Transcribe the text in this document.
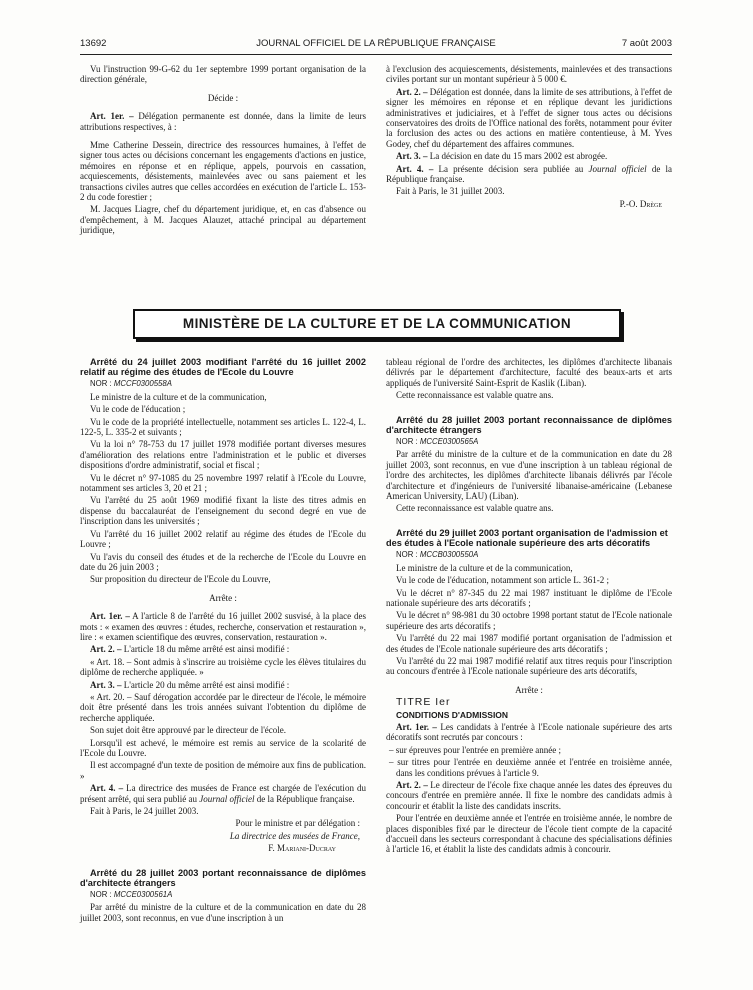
13692	JOURNAL OFFICIEL DE LA RÉPUBLIQUE FRANÇAISE	7 août 2003

Vu l'instruction 99-G-62 du 1er septembre 1999 portant organisation de la direction générale,

Décide :

Art. 1er. – Délégation permanente est donnée, dans la limite de leurs attributions respectives, à :

Mme Catherine Dessein, directrice des ressources humaines, à l'effet de signer tous actes ou décisions concernant les engagements d'actions en justice, mémoires en réponse et en réplique, appels, pourvois en cassation, acquiescements, désistements, mainlevées avec ou sans paiement et les transactions civiles autres que celles accordées en exécution de l'article L. 153-2 du code forestier ;

M. Jacques Liagre, chef du département juridique, et, en cas d'absence ou d'empêchement, à M. Jacques Alauzet, attaché principal au département juridique,

à l'exclusion des acquiescements, désistements, mainlevées et des transactions civiles portant sur un montant supérieur à 5 000 €.

Art. 2. – Délégation est donnée, dans la limite de ses attributions, à l'effet de signer les mémoires en réponse et en réplique devant les juridictions administratives et judiciaires, et à l'effet de signer tous actes ou décisions conservatoires des droits de l'Office national des forêts, notamment pour éviter la forclusion des actes ou des actions en matière contentieuse, à M. Yves Godey, chef du département des affaires communes.

Art. 3. – La décision en date du 15 mars 2002 est abrogée.

Art. 4. – La présente décision sera publiée au Journal officiel de la République française.

Fait à Paris, le 31 juillet 2003.

P.-O. Drège

MINISTÈRE DE LA CULTURE ET DE LA COMMUNICATION

Arrêté du 24 juillet 2003 modifiant l'arrêté du 16 juillet 2002 relatif au régime des études de l'Ecole du Louvre

NOR : MCCF0300558A

Le ministre de la culture et de la communication,

Vu le code de l'éducation ;

Vu le code de la propriété intellectuelle, notamment ses articles L. 122-4, L. 122-5, L. 335-2 et suivants ;

Vu la loi n° 78-753 du 17 juillet 1978 modifiée portant diverses mesures d'amélioration des relations entre l'administration et le public et diverses dispositions d'ordre administratif, social et fiscal ;

Vu le décret n° 97-1085 du 25 novembre 1997 relatif à l'Ecole du Louvre, notamment ses articles 3, 20 et 21 ;

Vu l'arrêté du 25 août 1969 modifié fixant la liste des titres admis en dispense du baccalauréat de l'enseignement du second degré en vue de l'inscription dans les universités ;

Vu l'arrêté du 16 juillet 2002 relatif au régime des études de l'Ecole du Louvre ;

Vu l'avis du conseil des études et de la recherche de l'Ecole du Louvre en date du 26 juin 2003 ;

Sur proposition du directeur de l'Ecole du Louvre,

Arrête :

Art. 1er. – A l'article 8 de l'arrêté du 16 juillet 2002 susvisé, à la place des mots : « examen des œuvres : études, recherche, conservation et restauration », lire : « examen scientifique des œuvres, conservation, restauration ».

Art. 2. – L'article 18 du même arrêté est ainsi modifié :

« Art. 18. – Sont admis à s'inscrire au troisième cycle les élèves titulaires du diplôme de recherche appliquée. »

Art. 3. – L'article 20 du même arrêté est ainsi modifié :

« Art. 20. – Sauf dérogation accordée par le directeur de l'école, le mémoire doit être présenté dans les trois années suivant l'obtention du diplôme de recherche appliquée.

Son sujet doit être approuvé par le directeur de l'école.

Lorsqu'il est achevé, le mémoire est remis au service de la scolarité de l'Ecole du Louvre.

Il est accompagné d'un texte de position de mémoire aux fins de publication. »

Art. 4. – La directrice des musées de France est chargée de l'exécution du présent arrêté, qui sera publié au Journal officiel de la République française.

Fait à Paris, le 24 juillet 2003.

Pour le ministre et par délégation :

La directrice des musées de France,

F. Mariani-Ducray

Arrêté du 28 juillet 2003 portant reconnaissance de diplômes d'architecte étrangers

NOR : MCCE0300561A

Par arrêté du ministre de la culture et de la communication en date du 28 juillet 2003, sont reconnus, en vue d'une inscription à un

tableau régional de l'ordre des architectes, les diplômes d'architecte libanais délivrés par le département d'architecture, faculté des beaux-arts et arts appliqués de l'université Saint-Esprit de Kaslik (Liban).

Cette reconnaissance est valable quatre ans.

Arrêté du 28 juillet 2003 portant reconnaissance de diplômes d'architecte étrangers

NOR : MCCE0300565A

Par arrêté du ministre de la culture et de la communication en date du 28 juillet 2003, sont reconnus, en vue d'une inscription à un tableau régional de l'ordre des architectes, les diplômes d'architecte libanais délivrés par l'école d'architecture et d'ingénieurs de l'université libanaise-américaine (Lebanese American University, LAU) (Liban).

Cette reconnaissance est valable quatre ans.

Arrêté du 29 juillet 2003 portant organisation de l'admission et des études à l'Ecole nationale supérieure des arts décoratifs

NOR : MCCB0300550A

Le ministre de la culture et de la communication,

Vu le code de l'éducation, notamment son article L. 361-2 ;

Vu le décret n° 87-345 du 22 mai 1987 instituant le diplôme de l'Ecole nationale supérieure des arts décoratifs ;

Vu le décret n° 98-981 du 30 octobre 1998 portant statut de l'Ecole nationale supérieure des arts décoratifs ;

Vu l'arrêté du 22 mai 1987 modifié portant organisation de l'admission et des études de l'Ecole nationale supérieure des arts décoratifs ;

Vu l'arrêté du 22 mai 1987 modifié relatif aux titres requis pour l'inscription au concours d'entrée à l'Ecole nationale supérieure des arts décoratifs,

Arrête :

TITRE Ier

CONDITIONS D'ADMISSION

Art. 1er. – Les candidats à l'entrée à l'Ecole nationale supérieure des arts décoratifs sont recrutés par concours :

– sur épreuves pour l'entrée en première année ;

– sur titres pour l'entrée en deuxième année et l'entrée en troisième année, dans les conditions prévues à l'article 9.

Art. 2. – Le directeur de l'école fixe chaque année les dates des épreuves du concours d'entrée en première année. Il fixe le nombre des candidats admis à concourir et établit la liste des candidats inscrits.

Pour l'entrée en deuxième année et l'entrée en troisième année, le nombre de places disponibles fixé par le directeur de l'école tient compte de la capacité d'accueil dans les secteurs correspondant à chacune des spécialisations définies à l'article 16, et établit la liste des candidats admis à concourir.
